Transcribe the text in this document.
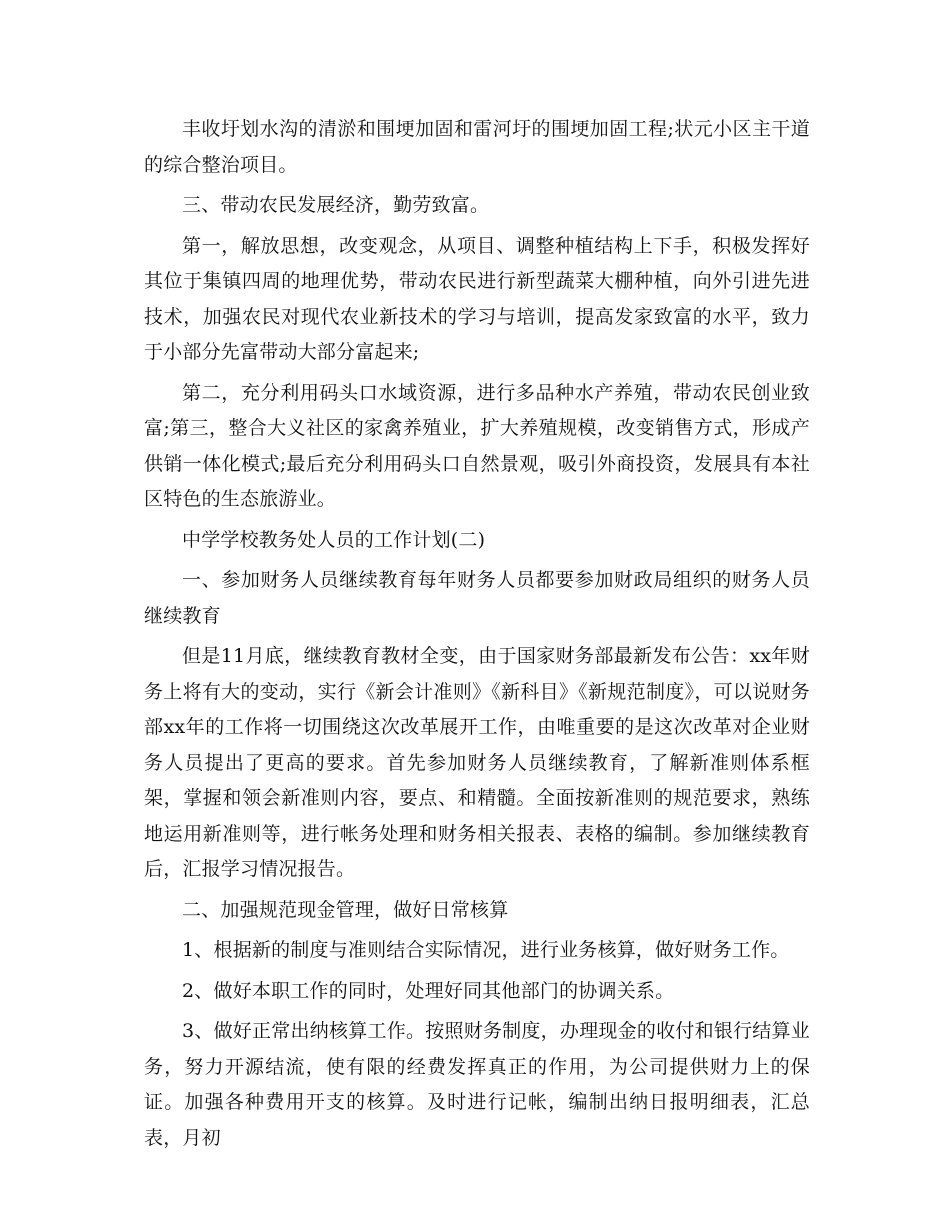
丰收圩划水沟的清淤和围埂加固和雷河圩的围埂加固工程;状元小区主干道的综合整治项目。

三、带动农民发展经济，勤劳致富。

第一，解放思想，改变观念，从项目、调整种植结构上下手，积极发挥好其位于集镇四周的地理优势，带动农民进行新型蔬菜大棚种植，向外引进先进技术，加强农民对现代农业新技术的学习与培训，提高发家致富的水平，致力于小部分先富带动大部分富起来;

第二，充分利用码头口水域资源，进行多品种水产养殖，带动农民创业致富;第三，整合大义社区的家禽养殖业，扩大养殖规模，改变销售方式，形成产供销一体化模式;最后充分利用码头口自然景观，吸引外商投资，发展具有本社区特色的生态旅游业。

中学学校教务处人员的工作计划(二)

一、参加财务人员继续教育每年财务人员都要参加财政局组织的财务人员继续教育

但是11月底，继续教育教材全变，由于国家财务部最新发布公告：xx年财务上将有大的变动，实行《新会计准则》《新科目》《新规范制度》，可以说财务部xx年的工作将一切围绕这次改革展开工作，由唯重要的是这次改革对企业财务人员提出了更高的要求。首先参加财务人员继续教育，了解新准则体系框架，掌握和领会新准则内容，要点、和精髓。全面按新准则的规范要求，熟练地运用新准则等，进行帐务处理和财务相关报表、表格的编制。参加继续教育后，汇报学习情况报告。

二、加强规范现金管理，做好日常核算

1、根据新的制度与准则结合实际情况，进行业务核算，做好财务工作。

2、做好本职工作的同时，处理好同其他部门的协调关系。

3、做好正常出纳核算工作。按照财务制度，办理现金的收付和银行结算业务，努力开源结流，使有限的经费发挥真正的作用，为公司提供财力上的保证。加强各种费用开支的核算。及时进行记帐，编制出纳日报明细表，汇总表，月初
